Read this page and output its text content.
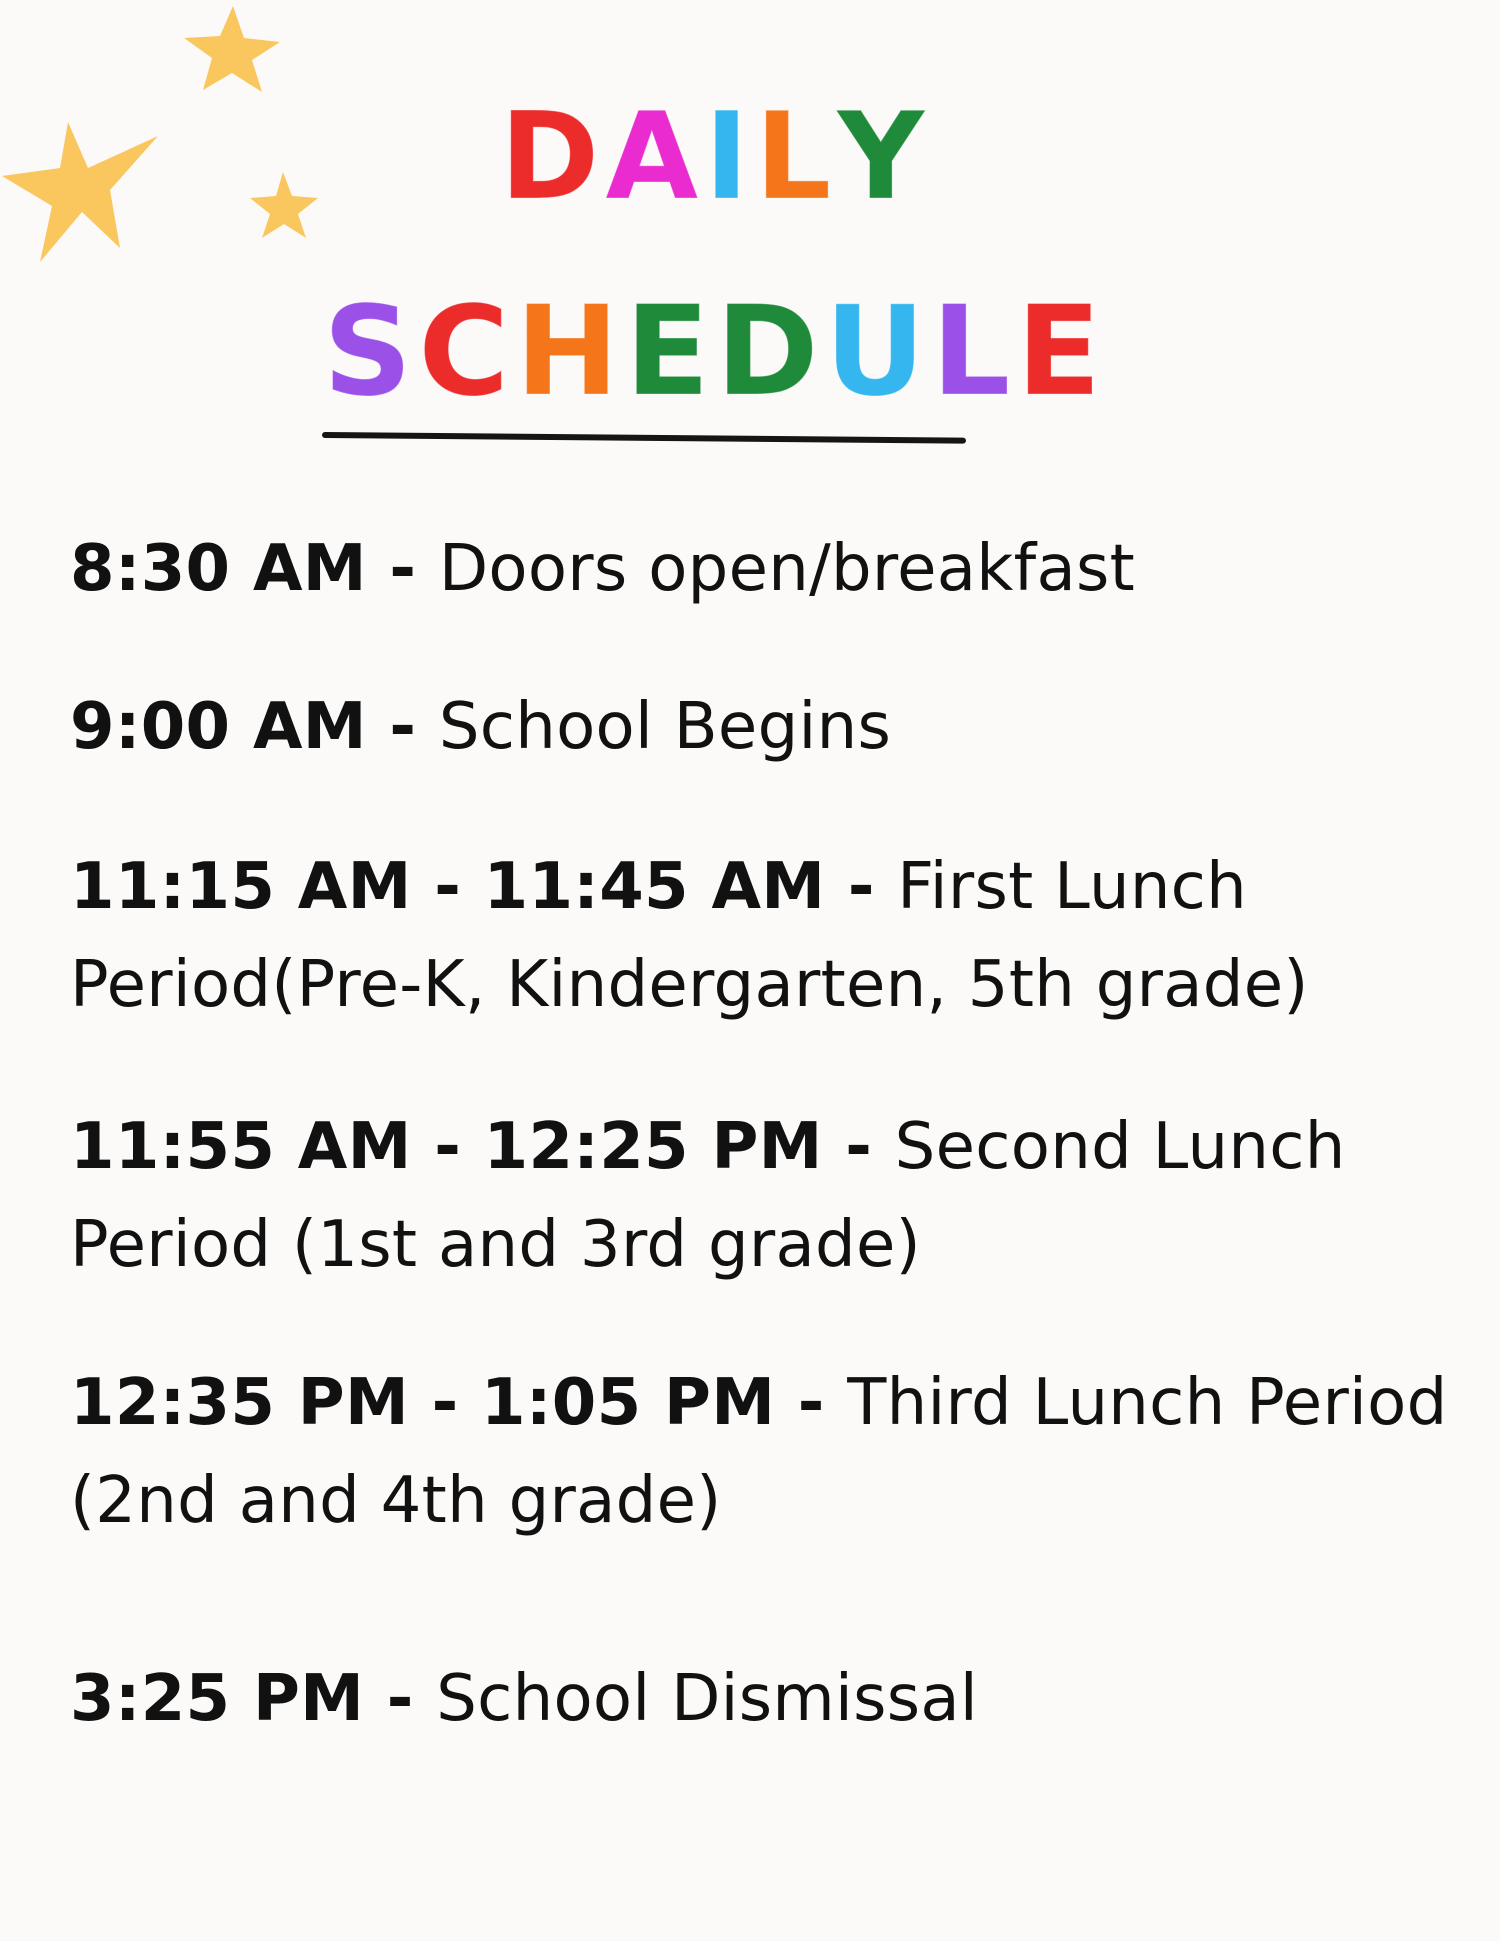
D A I L Y
S C H E D U L E

8:30 AM - Doors open/breakfast

9:00 AM - School Begins

11:15 AM - 11:45 AM - First Lunch Period(Pre-K, Kindergarten, 5th grade)

11:55 AM - 12:25 PM - Second Lunch Period (1st and 3rd grade)

12:35 PM - 1:05 PM - Third Lunch Period (2nd and 4th grade)

3:25 PM - School Dismissal
